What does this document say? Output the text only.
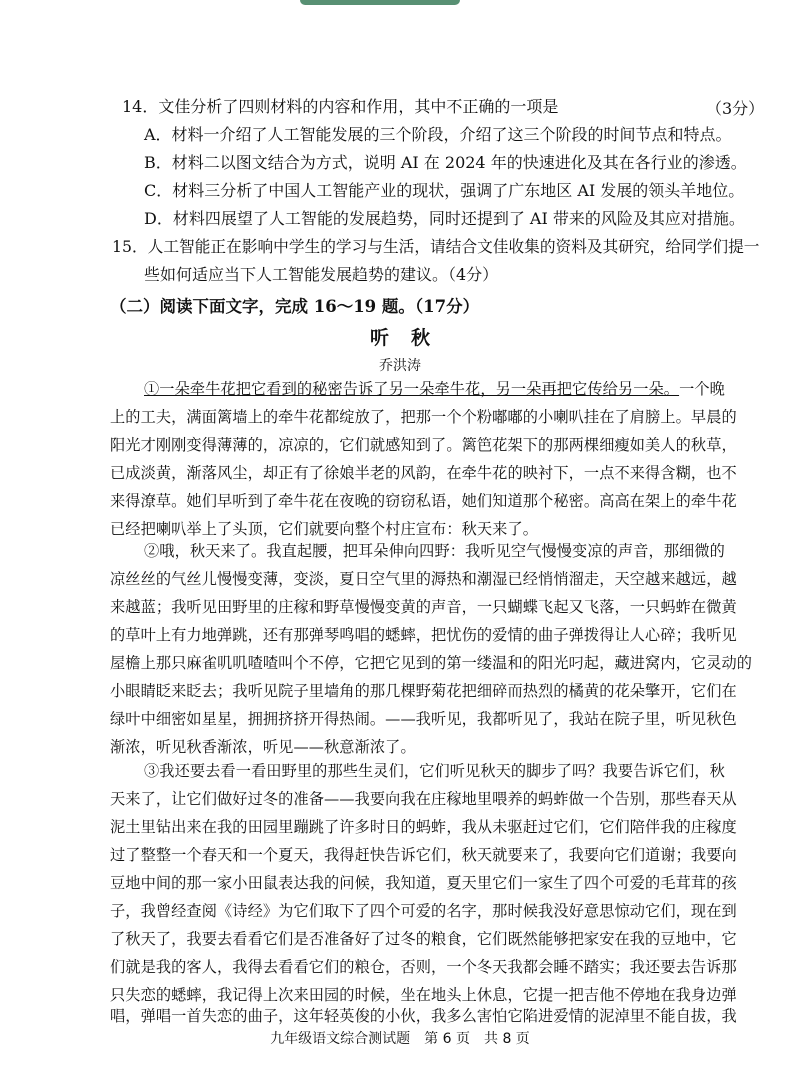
14．文佳分析了四则材料的内容和作用，其中不正确的一项是	（3分）
A．材料一介绍了人工智能发展的三个阶段，介绍了这三个阶段的时间节点和特点。
B．材料二以图文结合为方式，说明 AI 在 2024 年的快速进化及其在各行业的渗透。
C．材料三分析了中国人工智能产业的现状，强调了广东地区 AI 发展的领头羊地位。
D．材料四展望了人工智能的发展趋势，同时还提到了 AI 带来的风险及其应对措施。
15．人工智能正在影响中学生的学习与生活，请结合文佳收集的资料及其研究，给同学们提一
些如何适应当下人工智能发展趋势的建议。（4分）
（二）阅读下面文字，完成 16～19 题。（17分）
听秋
乔洪涛
①一朵牵牛花把它看到的秘密告诉了另一朵牵牛花，另一朵再把它传给另一朵。一个晚
上的工夫，满面篱墙上的牵牛花都绽放了，把那一个个粉嘟嘟的小喇叭挂在了肩膀上。早晨的
阳光才刚刚变得薄薄的，凉凉的，它们就感知到了。篱笆花架下的那两棵细瘦如美人的秋草，
已成淡黄，渐落风尘，却正有了徐娘半老的风韵，在牵牛花的映衬下，一点不来得含糊，也不
来得潦草。她们早听到了牵牛花在夜晚的窃窃私语，她们知道那个秘密。高高在架上的牵牛花
已经把喇叭举上了头顶，它们就要向整个村庄宣布：秋天来了。
②哦，秋天来了。我直起腰，把耳朵伸向四野：我听见空气慢慢变凉的声音，那细微的
凉丝丝的气丝儿慢慢变薄，变淡，夏日空气里的溽热和潮湿已经悄悄溜走，天空越来越远，越
来越蓝；我听见田野里的庄稼和野草慢慢变黄的声音，一只蝴蝶飞起又飞落，一只蚂蚱在微黄
的草叶上有力地弹跳，还有那弹琴鸣唱的蟋蟀，把忧伤的爱情的曲子弹拨得让人心碎；我听见
屋檐上那只麻雀叽叽喳喳叫个不停，它把它见到的第一缕温和的阳光叼起，藏进窝内，它灵动的
小眼睛眨来眨去；我听见院子里墙角的那几棵野菊花把细碎而热烈的橘黄的花朵擎开，它们在
绿叶中细密如星星，拥拥挤挤开得热闹。——我听见，我都听见了，我站在院子里，听见秋色
渐浓，听见秋香渐浓，听见——秋意渐浓了。
③我还要去看一看田野里的那些生灵们，它们听见秋天的脚步了吗？我要告诉它们，秋
天来了，让它们做好过冬的准备——我要向我在庄稼地里喂养的蚂蚱做一个告别，那些春天从
泥土里钻出来在我的田园里蹦跳了许多时日的蚂蚱，我从未驱赶过它们，它们陪伴我的庄稼度
过了整整一个春天和一个夏天，我得赶快告诉它们，秋天就要来了，我要向它们道谢；我要向
豆地中间的那一家小田鼠表达我的问候，我知道，夏天里它们一家生了四个可爱的毛茸茸的孩
子，我曾经查阅《诗经》为它们取下了四个可爱的名字，那时候我没好意思惊动它们，现在到
了秋天了，我要去看看它们是否准备好了过冬的粮食，它们既然能够把家安在我的豆地中，它
们就是我的客人，我得去看看它们的粮仓，否则，一个冬天我都会睡不踏实；我还要去告诉那
只失恋的蟋蟀，我记得上次来田园的时候，坐在地头上休息，它提一把吉他不停地在我身边弹
唱，弹唱一首失恋的曲子，这年轻英俊的小伙，我多么害怕它陷进爱情的泥淖里不能自拔，我
九年级语文综合测试题　第 6 页　共 8 页
